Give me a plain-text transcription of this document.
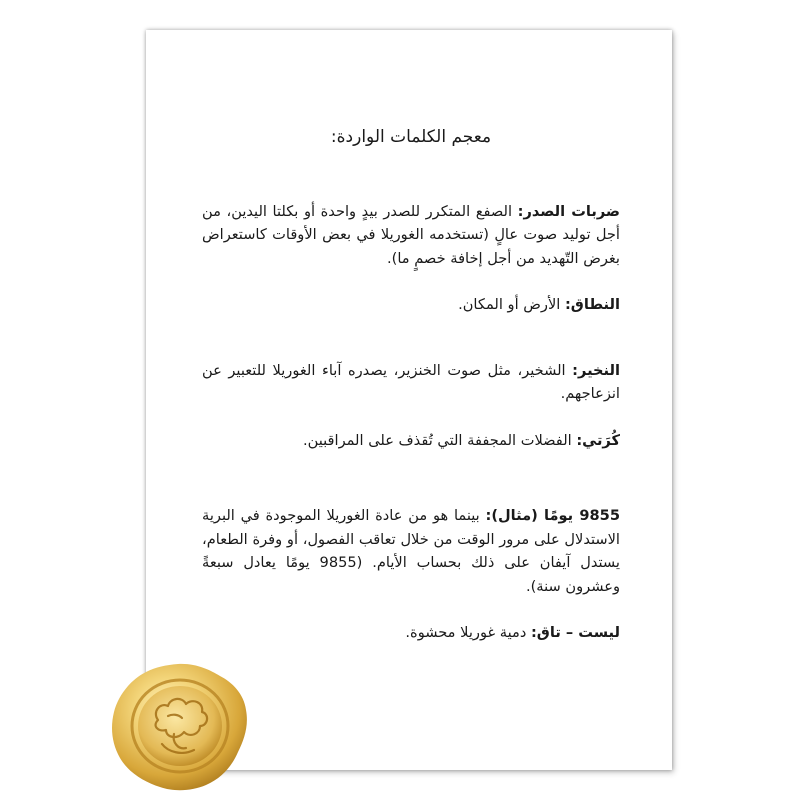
معجم الكلمات الواردة:

ضربات الصدر: الصفع المتكرر للصدر بيدٍ واحدة أو بكلتا اليدين، من أجل توليد صوت عالٍ (تستخدمه الغوريلا في بعض الأوقات كاستعراض بغرض التّهديد من أجل إخافة خصمٍ ما).

النطاق: الأرض أو المكان.

النخير: الشخير، مثل صوت الخنزير، يصدره آباء الغوريلا للتعبير عن انزعاجهم.

كُرَتي: الفضلات المجففة التي تُقذف على المراقبين.

9855 يومًا (مثال): بينما هو من عادة الغوريلا الموجودة في البرية الاستدلال على مرور الوقت من خلال تعاقب الفصول، أو وفرة الطعام، يستدل آيفان على ذلك بحساب الأيام. (9855 يومًا يعادل سبعةً وعشرون سنة).

ليست – تاق: دمية غوريلا محشوة.
